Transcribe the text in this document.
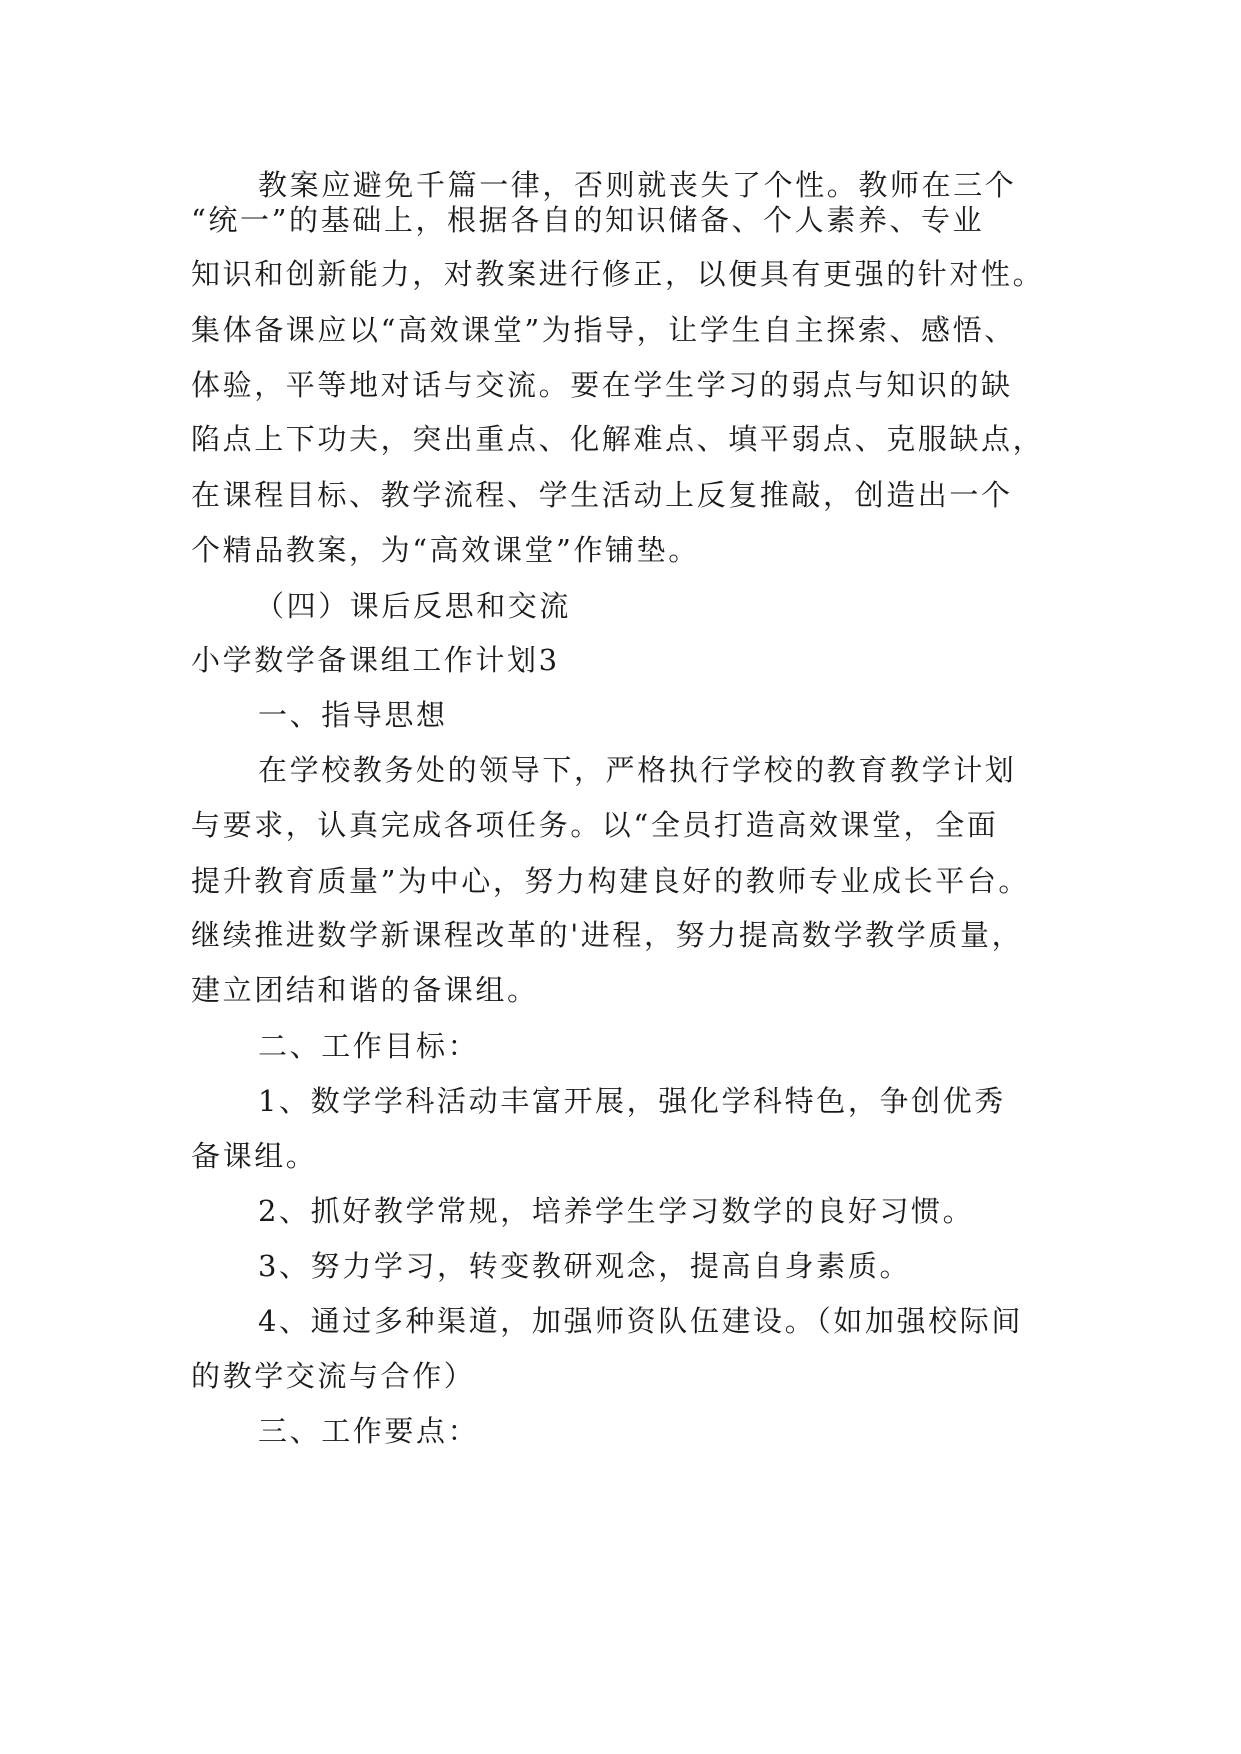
教案应避免千篇一律，否则就丧失了个性。教师在三个
“统一”的基础上，根据各自的知识储备、个人素养、专业
知识和创新能力，对教案进行修正，以便具有更强的针对性。
集体备课应以“高效课堂”为指导，让学生自主探索、感悟、
体验，平等地对话与交流。要在学生学习的弱点与知识的缺
陷点上下功夫，突出重点、化解难点、填平弱点、克服缺点，
在课程目标、教学流程、学生活动上反复推敲，创造出一个
个精品教案，为“高效课堂”作铺垫。
（四）课后反思和交流
小学数学备课组工作计划3
一、指导思想
在学校教务处的领导下，严格执行学校的教育教学计划
与要求，认真完成各项任务。以“全员打造高效课堂，全面
提升教育质量”为中心，努力构建良好的教师专业成长平台。
继续推进数学新课程改革的'进程，努力提高数学教学质量，
建立团结和谐的备课组。
二、工作目标：
1、数学学科活动丰富开展，强化学科特色，争创优秀
备课组。
2、抓好教学常规，培养学生学习数学的良好习惯。
3、努力学习，转变教研观念，提高自身素质。
4、通过多种渠道，加强师资队伍建设。（如加强校际间
的教学交流与合作）
三、工作要点：
